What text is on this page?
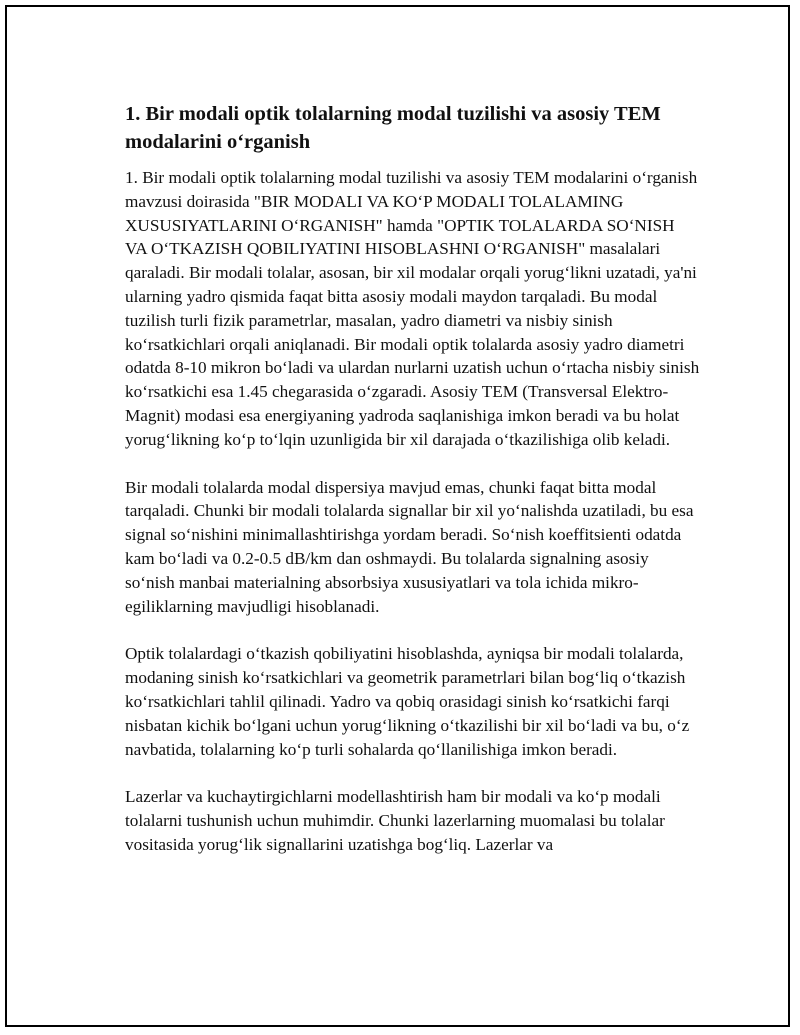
1. Bir modali optik tolalarning modal tuzilishi va asosiy TEM modalarini o‘rganish

1. Bir modali optik tolalarning modal tuzilishi va asosiy TEM modalarini o‘rganish mavzusi doirasida "BIR MODALI VA KO‘P MODALI TOLALAMING XUSUSIYATLARINI O‘RGANISH" hamda "OPTIK TOLALARDA SO‘NISH VA O‘TKAZISH QOBILIYATINI HISOBLASHNI O‘RGANISH" masalalari qaraladi. Bir modali tolalar, asosan, bir xil modalar orqali yorug‘likni uzatadi, ya'ni ularning yadro qismida faqat bitta asosiy modali maydon tarqaladi. Bu modal tuzilish turli fizik parametrlar, masalan, yadro diametri va nisbiy sinish ko‘rsatkichlari orqali aniqlanadi. Bir modali optik tolalarda asosiy yadro diametri odatda 8-10 mikron bo‘ladi va ulardan nurlarni uzatish uchun o‘rtacha nisbiy sinish ko‘rsatkichi esa 1.45 chegarasida o‘zgaradi. Asosiy TEM (Transversal Elektro-Magnit) modasi esa energiyaning yadroda saqlanishiga imkon beradi va bu holat yorug‘likning ko‘p to‘lqin uzunligida bir xil darajada o‘tkazilishiga olib keladi.

Bir modali tolalarda modal dispersiya mavjud emas, chunki faqat bitta modal tarqaladi. Chunki bir modali tolalarda signallar bir xil yo‘nalishda uzatiladi, bu esa signal so‘nishini minimallashtirishga yordam beradi. So‘nish koeffitsienti odatda kam bo‘ladi va 0.2-0.5 dB/km dan oshmaydi. Bu tolalarda signalning asosiy so‘nish manbai materialning absorbsiya xususiyatlari va tola ichida mikro-egiliklarning mavjudligi hisoblanadi.

Optik tolalardagi o‘tkazish qobiliyatini hisoblashda, ayniqsa bir modali tolalarda, modaning sinish ko‘rsatkichlari va geometrik parametrlari bilan bog‘liq o‘tkazish ko‘rsatkichlari tahlil qilinadi. Yadro va qobiq orasidagi sinish ko‘rsatkichi farqi nisbatan kichik bo‘lgani uchun yorug‘likning o‘tkazilishi bir xil bo‘ladi va bu, o‘z navbatida, tolalarning ko‘p turli sohalarda qo‘llanilishiga imkon beradi.

Lazerlar va kuchaytirgichlarni modellashtirish ham bir modali va ko‘p modali tolalarni tushunish uchun muhimdir. Chunki lazerlarning muomalasi bu tolalar vositasida yorug‘lik signallarini uzatishga bog‘liq. Lazerlar va
